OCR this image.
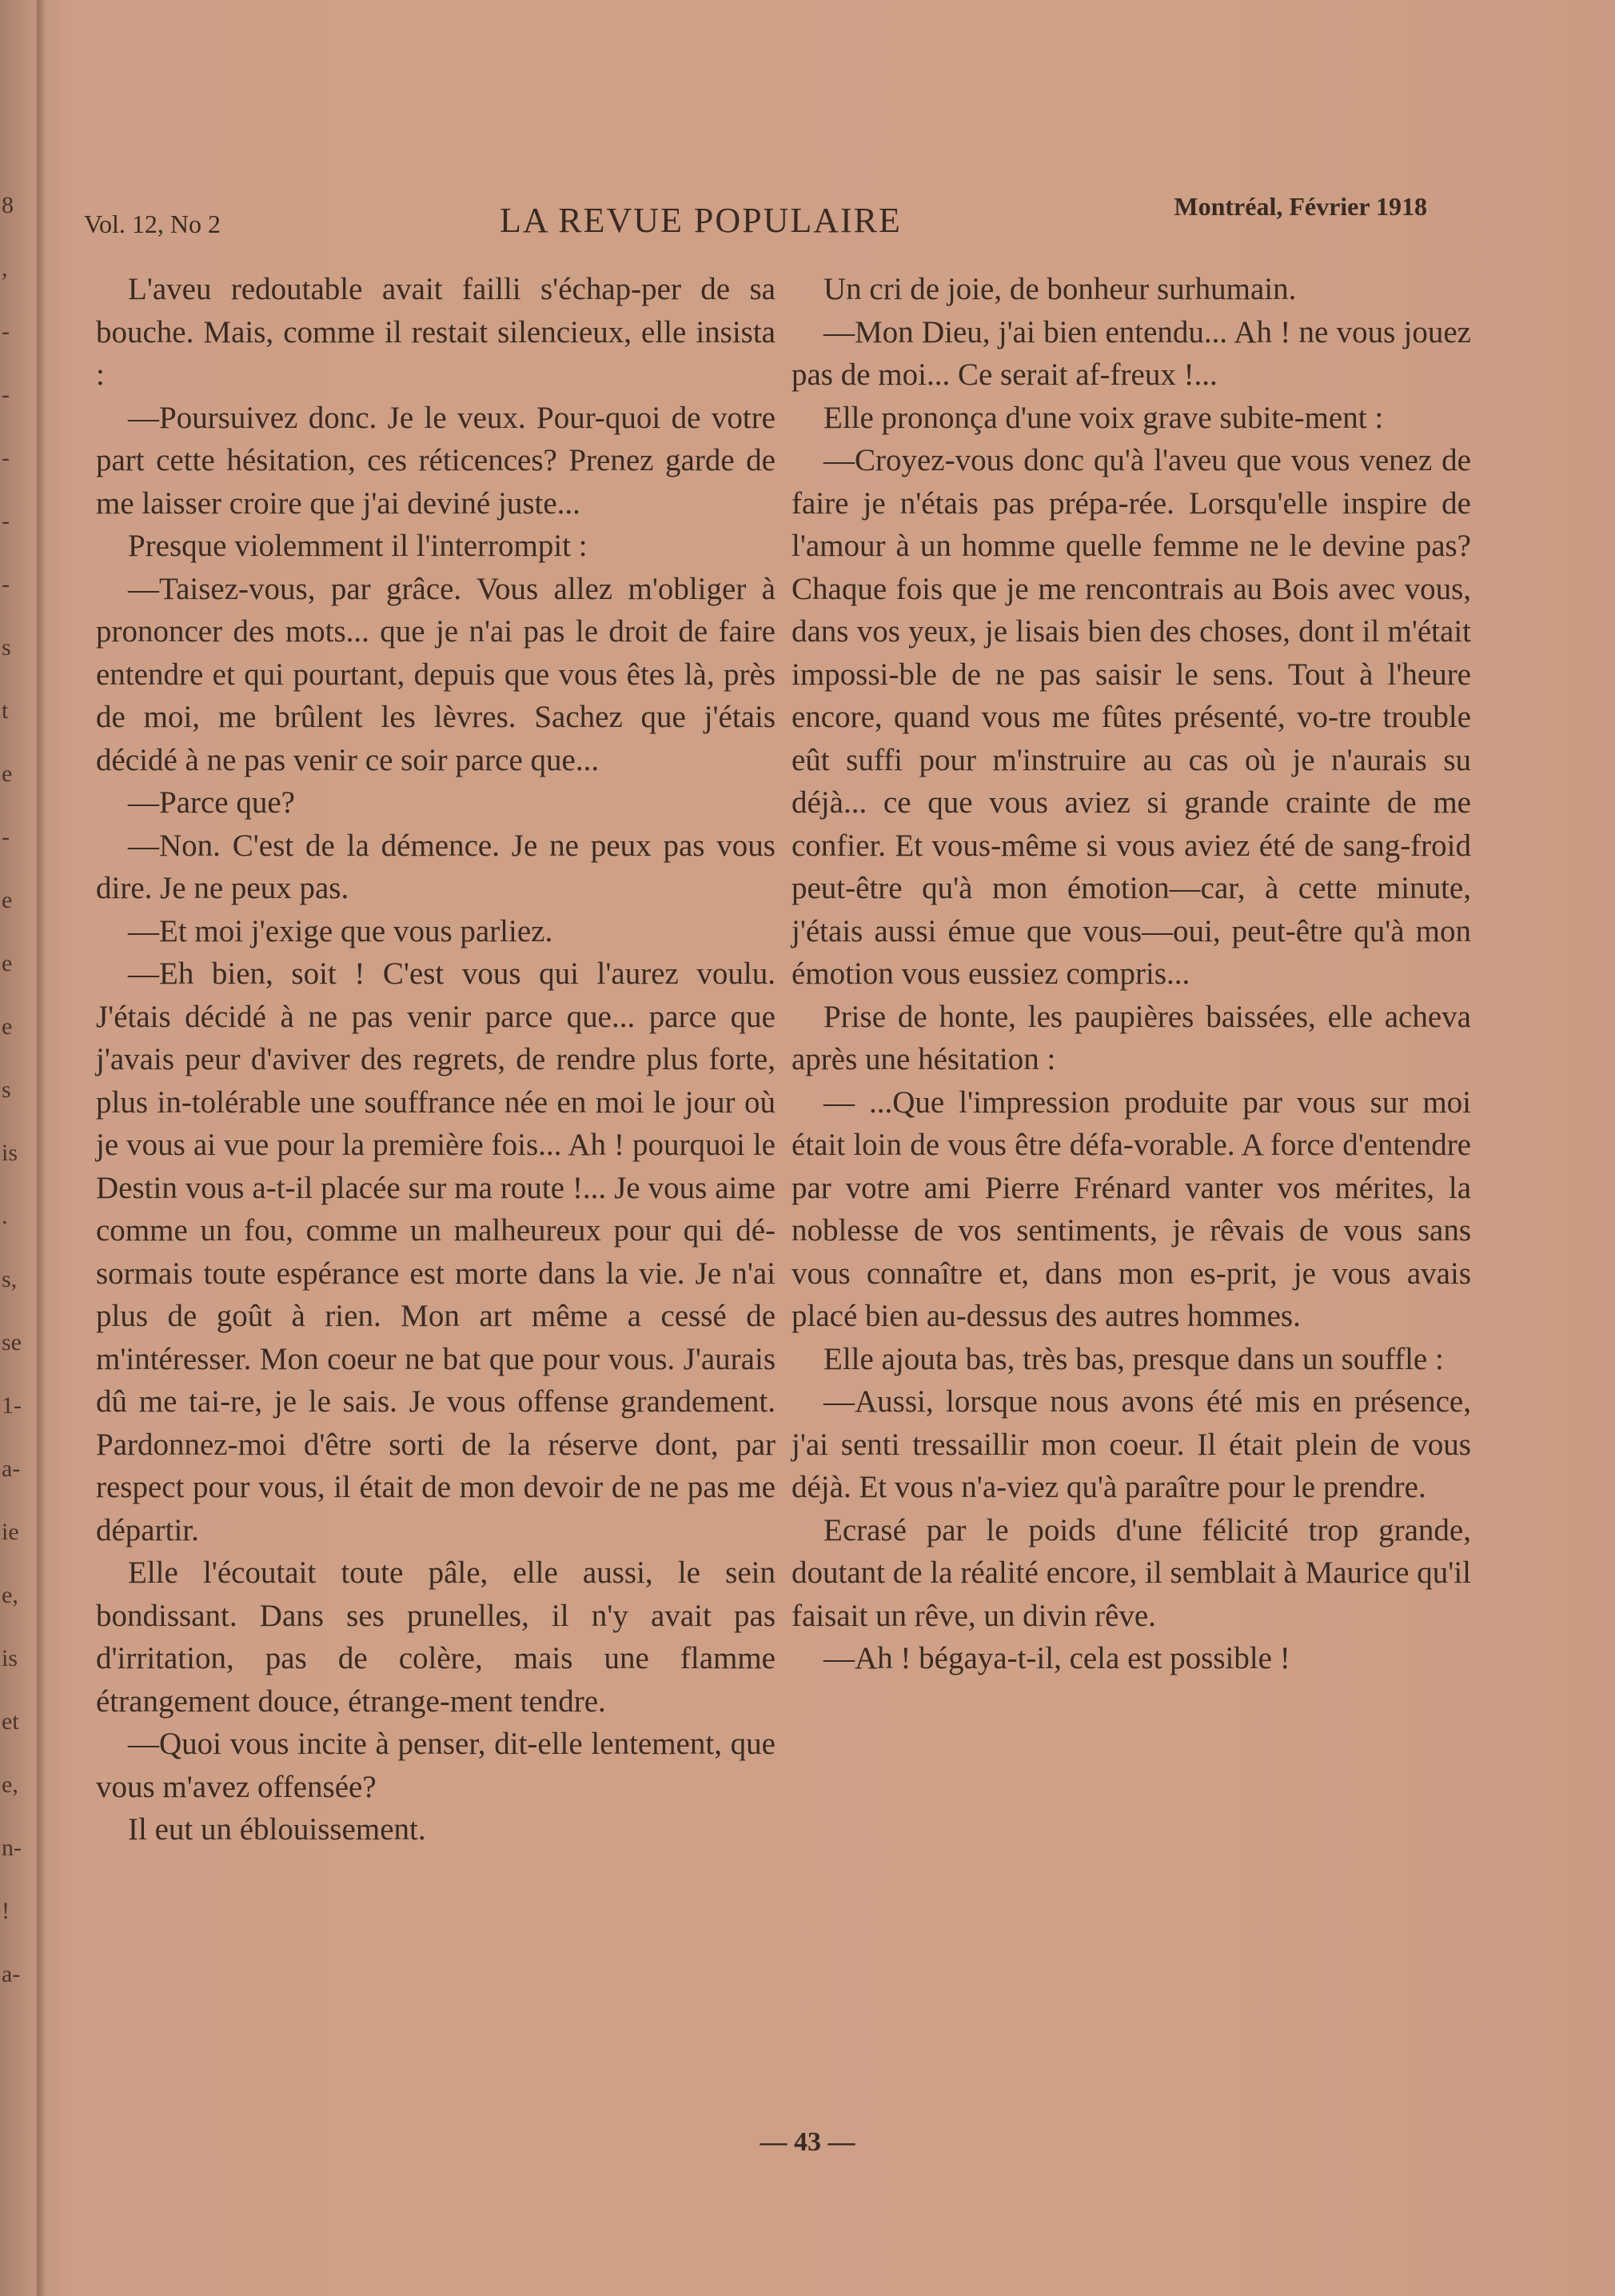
8
,
-
-
-
-
-
s
t
e
-
e
e
e
s
is
.
s,
se
1-
a-
ie
e,
is
et
e,
n-
!
a-
Vol. 12, No 2	LA REVUE POPULAIRE	Montréal, Février 1918

L'aveu redoutable avait failli s'échap-per de sa bouche. Mais, comme il restait silencieux, elle insista :

—Poursuivez donc. Je le veux. Pour-quoi de votre part cette hésitation, ces réticences? Prenez garde de me laisser croire que j'ai deviné juste...

Presque violemment il l'interrompit :

—Taisez-vous, par grâce. Vous allez m'obliger à prononcer des mots... que je n'ai pas le droit de faire entendre et qui pourtant, depuis que vous êtes là, près de moi, me brûlent les lèvres. Sachez que j'étais décidé à ne pas venir ce soir parce que...

—Parce que?

—Non. C'est de la démence. Je ne peux pas vous dire. Je ne peux pas.

—Et moi j'exige que vous parliez.

—Eh bien, soit ! C'est vous qui l'aurez voulu. J'étais décidé à ne pas venir parce que... parce que j'avais peur d'aviver des regrets, de rendre plus forte, plus in-tolérable une souffrance née en moi le jour où je vous ai vue pour la première fois... Ah ! pourquoi le Destin vous a-t-il placée sur ma route !... Je vous aime comme un fou, comme un malheureux pour qui dé-sormais toute espérance est morte dans la vie. Je n'ai plus de goût à rien. Mon art même a cessé de m'intéresser. Mon coeur ne bat que pour vous. J'aurais dû me tai-re, je le sais. Je vous offense grandement. Pardonnez-moi d'être sorti de la réserve dont, par respect pour vous, il était de mon devoir de ne pas me départir.

Elle l'écoutait toute pâle, elle aussi, le sein bondissant. Dans ses prunelles, il n'y avait pas d'irritation, pas de colère, mais une flamme étrangement douce, étrange-ment tendre.

—Quoi vous incite à penser, dit-elle lentement, que vous m'avez offensée?

Il eut un éblouissement.

Un cri de joie, de bonheur surhumain.

—Mon Dieu, j'ai bien entendu... Ah ! ne vous jouez pas de moi... Ce serait af-freux !...

Elle prononça d'une voix grave subite-ment :

—Croyez-vous donc qu'à l'aveu que vous venez de faire je n'étais pas prépa-rée. Lorsqu'elle inspire de l'amour à un homme quelle femme ne le devine pas? Chaque fois que je me rencontrais au Bois avec vous, dans vos yeux, je lisais bien des choses, dont il m'était impossi-ble de ne pas saisir le sens. Tout à l'heure encore, quand vous me fûtes présenté, vo-tre trouble eût suffi pour m'instruire au cas où je n'aurais su déjà... ce que vous aviez si grande crainte de me confier. Et vous-même si vous aviez été de sang-froid peut-être qu'à mon émotion—car, à cette minute, j'étais aussi émue que vous—oui, peut-être qu'à mon émotion vous eussiez compris...

Prise de honte, les paupières baissées, elle acheva après une hésitation :

— ...Que l'impression produite par vous sur moi était loin de vous être défa-vorable. A force d'entendre par votre ami Pierre Frénard vanter vos mérites, la noblesse de vos sentiments, je rêvais de vous sans vous connaître et, dans mon es-prit, je vous avais placé bien au-dessus des autres hommes.

Elle ajouta bas, très bas, presque dans un souffle :

—Aussi, lorsque nous avons été mis en présence, j'ai senti tressaillir mon coeur. Il était plein de vous déjà. Et vous n'a-viez qu'à paraître pour le prendre.

Ecrasé par le poids d'une félicité trop grande, doutant de la réalité encore, il semblait à Maurice qu'il faisait un rêve, un divin rêve.

—Ah ! bégaya-t-il, cela est possible !

— 43 —
